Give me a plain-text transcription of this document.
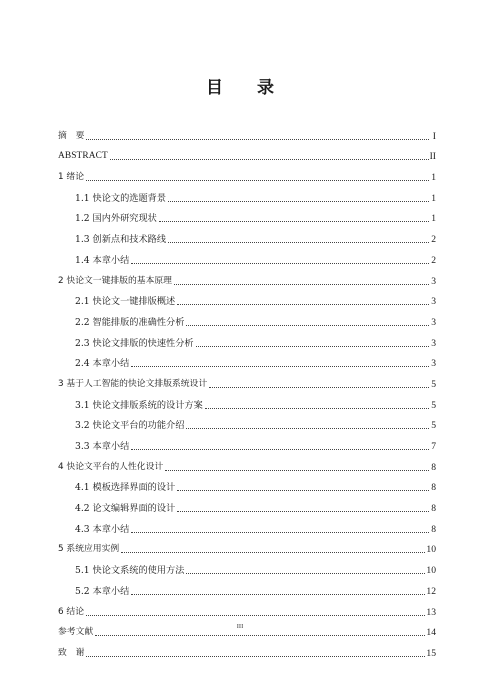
目 录
摘　要	I
ABSTRACT	II
1 绪论	1
1.1 快论文的选题背景	1
1.2 国内外研究现状	1
1.3 创新点和技术路线	2
1.4 本章小结	2
2 快论文一键排版的基本原理	3
2.1 快论文一键排版概述	3
2.2 智能排版的准确性分析	3
2.3 快论文排版的快速性分析	3
2.4 本章小结	3
3 基于人工智能的快论文排版系统设计	5
3.1 快论文排版系统的设计方案	5
3.2 快论文平台的功能介绍	5
3.3 本章小结	7
4 快论文平台的人性化设计	8
4.1 模板选择界面的设计	8
4.2 论文编辑界面的设计	8
4.3 本章小结	8
5 系统应用实例	10
5.1 快论文系统的使用方法	10
5.2 本章小结	12
6 结论	13
参考文献	14
致　谢	15
III
